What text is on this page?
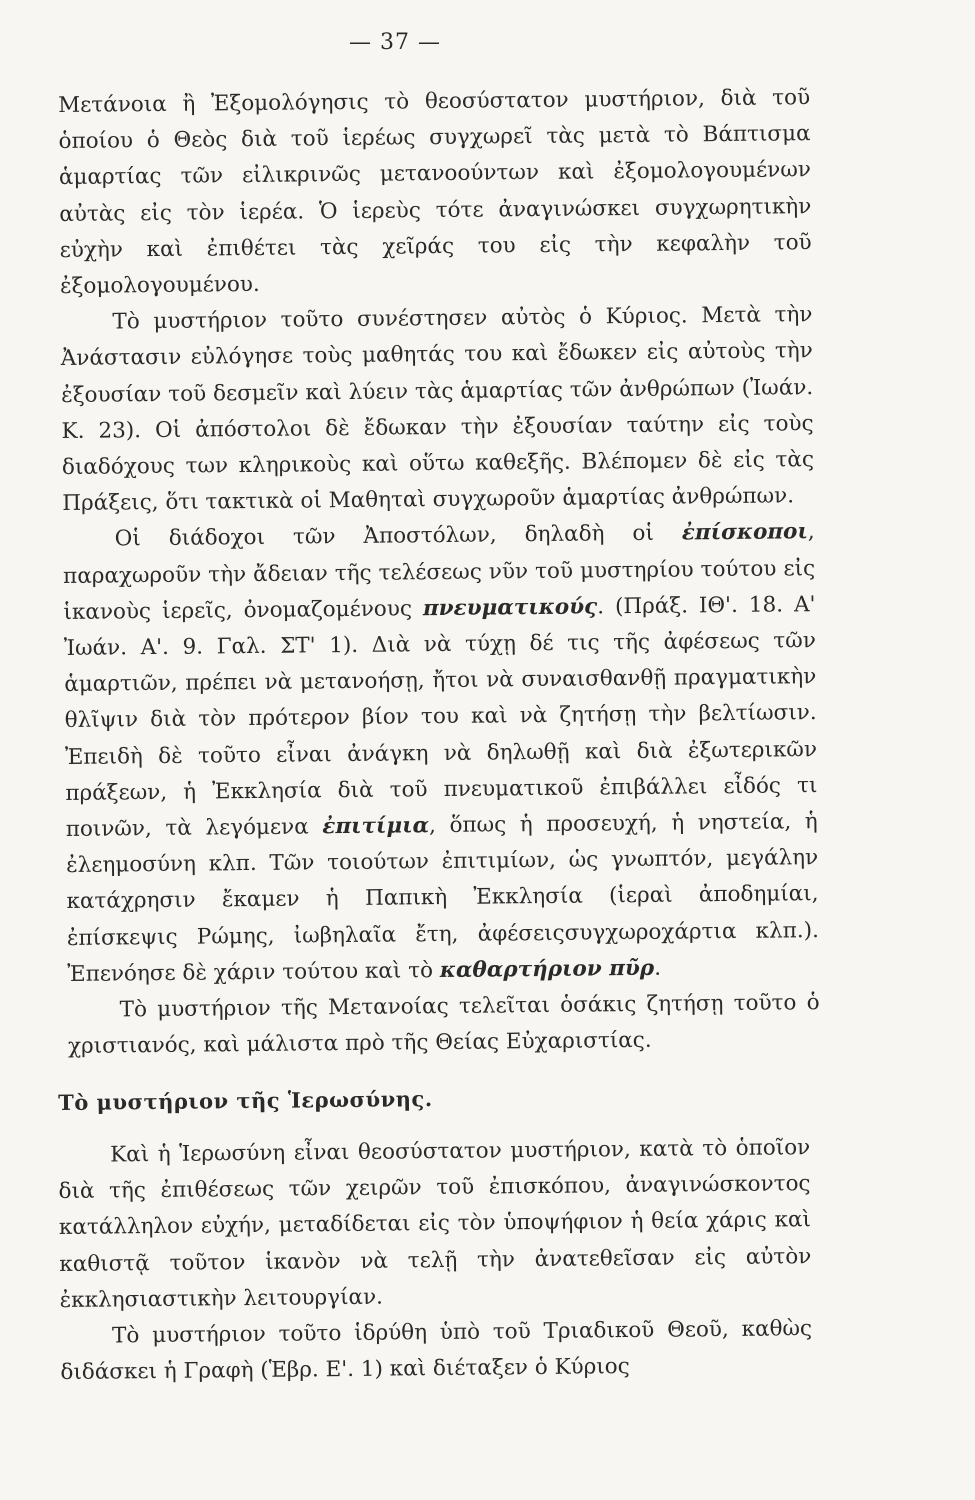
— 37 —

Μετάνοια ἢ Ἐξομολόγησις τὸ θεοσύστατον μυστήριον, διὰ τοῦ ὁποίου ὁ Θεὸς διὰ τοῦ ἱερέως συγχωρεῖ τὰς μετὰ τὸ Βάπτισμα ἁμαρτίας τῶν εἰλικρινῶς μετανοούντων καὶ ἐξομολογουμένων αὐτὰς εἰς τὸν ἱερέα. Ὁ ἱερεὺς τότε ἀναγινώσκει συγχωρητικὴν εὐχὴν καὶ ἐπιθέτει τὰς χεῖράς του εἰς τὴν κεφαλὴν τοῦ ἐξομολογουμένου.

Τὸ μυστήριον τοῦτο συνέστησεν αὐτὸς ὁ Κύριος. Μετὰ τὴν Ἀνάστασιν εὐλόγησε τοὺς μαθητάς του καὶ ἔδωκεν εἰς αὐτοὺς τὴν ἐξουσίαν τοῦ δεσμεῖν καὶ λύειν τὰς ἁμαρτίας τῶν ἀνθρώπων (Ἰωάν. Κ. 23). Οἱ ἀπόστολοι δὲ ἔδωκαν τὴν ἐξουσίαν ταύτην εἰς τοὺς διαδόχους των κληρικοὺς καὶ οὕτω καθεξῆς. Βλέπομεν δὲ εἰς τὰς Πράξεις, ὅτι τακτικὰ οἱ Μαθηταὶ συγχωροῦν ἁμαρτίας ἀνθρώπων.

Οἱ διάδοχοι τῶν Ἀποστόλων, δηλαδὴ οἱ ἐπίσκοποι, παραχωροῦν τὴν ἄδειαν τῆς τελέσεως νῦν τοῦ μυστηρίου τούτου εἰς ἱκανοὺς ἱερεῖς, ὀνομαζομένους πνευματικούς. (Πράξ. ΙΘ'. 18. Α' Ἰωάν. Α'. 9. Γαλ. ΣΤ' 1). Διὰ νὰ τύχῃ δέ τις τῆς ἀφέσεως τῶν ἁμαρτιῶν, πρέπει νὰ μετανοήσῃ, ἤτοι νὰ συναισθανθῇ πραγματικὴν θλῖψιν διὰ τὸν πρότερον βίον του καὶ νὰ ζητήσῃ τὴν βελτίωσιν. Ἐπειδὴ δὲ τοῦτο εἶναι ἀνάγκη νὰ δηλωθῇ καὶ διὰ ἐξωτερικῶν πράξεων, ἡ Ἐκκλησία διὰ τοῦ πνευματικοῦ ἐπιβάλλει εἶδός τι ποινῶν, τὰ λεγόμενα ἐπιτίμια, ὅπως ἡ προσευχή, ἡ νηστεία, ἡ ἐλεημοσύνη κλπ. Τῶν τοιούτων ἐπιτιμίων, ὡς γνωπτόν, μεγάλην κατάχρησιν ἔκαμεν ἡ Παπικὴ Ἐκκλησία (ἱεραὶ ἀποδημίαι, ἐπίσκεψις Ρώμης, ἰωβηλαῖα ἔτη, ἀφέσειςσυγχωροχάρτια κλπ.). Ἐπενόησε δὲ χάριν τούτου καὶ τὸ καθαρτήριον πῦρ.

Τὸ μυστήριον τῆς Μετανοίας τελεῖται ὁσάκις ζητήσῃ τοῦτο ὁ χριστιανός, καὶ μάλιστα πρὸ τῆς Θείας Εὐχαριστίας.

Τὸ μυστήριον τῆς Ἱερωσύνης.

Καὶ ἡ Ἱερωσύνη εἶναι θεοσύστατον μυστήριον, κατὰ τὸ ὁποῖον διὰ τῆς ἐπιθέσεως τῶν χειρῶν τοῦ ἐπισκόπου, ἀναγινώσκοντος κατάλληλον εὐχήν, μεταδίδεται εἰς τὸν ὑποψήφιον ἡ θεία χάρις καὶ καθιστᾷ τοῦτον ἱκανὸν νὰ τελῇ τὴν ἀνατεθεῖσαν εἰς αὐτὸν ἐκκλησιαστικὴν λειτουργίαν.

Τὸ μυστήριον τοῦτο ἱδρύθη ὑπὸ τοῦ Τριαδικοῦ Θεοῦ, καθὼς διδάσκει ἡ Γραφὴ (Ἑβρ. Ε'. 1) καὶ διέταξεν ὁ Κύριος
